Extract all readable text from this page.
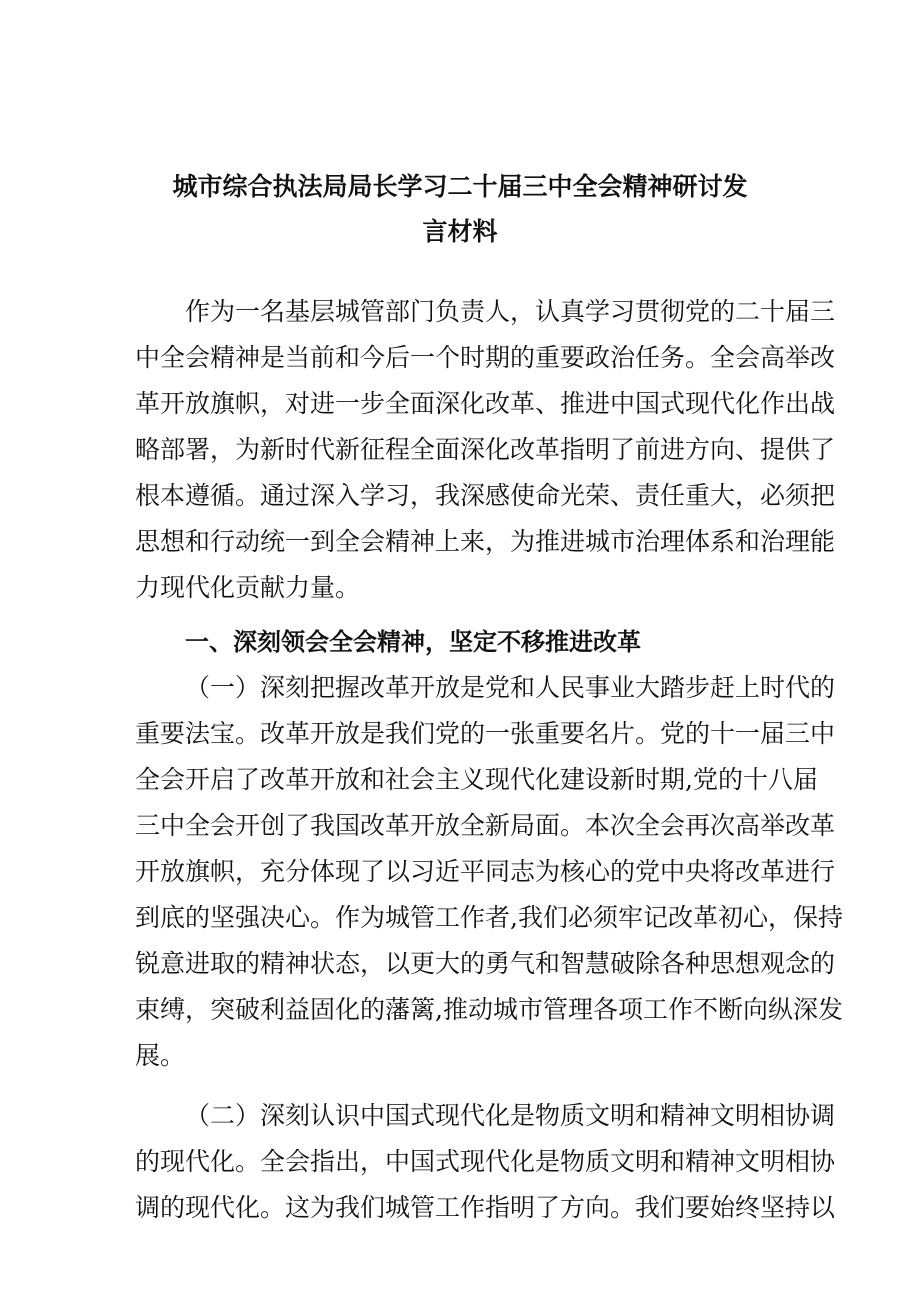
城市综合执法局局长学习二十届三中全会精神研讨发
言材料
作为一名基层城管部门负责人，认真学习贯彻党的二十届三
中全会精神是当前和今后一个时期的重要政治任务。全会高举改
革开放旗帜，对进一步全面深化改革、推进中国式现代化作出战
略部署，为新时代新征程全面深化改革指明了前进方向、提供了
根本遵循。通过深入学习，我深感使命光荣、责任重大，必须把
思想和行动统一到全会精神上来，为推进城市治理体系和治理能
力现代化贡献力量。
一、深刻领会全会精神，坚定不移推进改革
（一）深刻把握改革开放是党和人民事业大踏步赶上时代的
重要法宝。改革开放是我们党的一张重要名片。党的十一届三中
全会开启了改革开放和社会主义现代化建设新时期,党的十八届
三中全会开创了我国改革开放全新局面。本次全会再次高举改革
开放旗帜，充分体现了以习近平同志为核心的党中央将改革进行
到底的坚强决心。作为城管工作者,我们必须牢记改革初心，保持
锐意进取的精神状态，以更大的勇气和智慧破除各种思想观念的
束缚，突破利益固化的藩篱,推动城市管理各项工作不断向纵深发
展。
（二）深刻认识中国式现代化是物质文明和精神文明相协调
的现代化。全会指出，中国式现代化是物质文明和精神文明相协
调的现代化。这为我们城管工作指明了方向。我们要始终坚持以
